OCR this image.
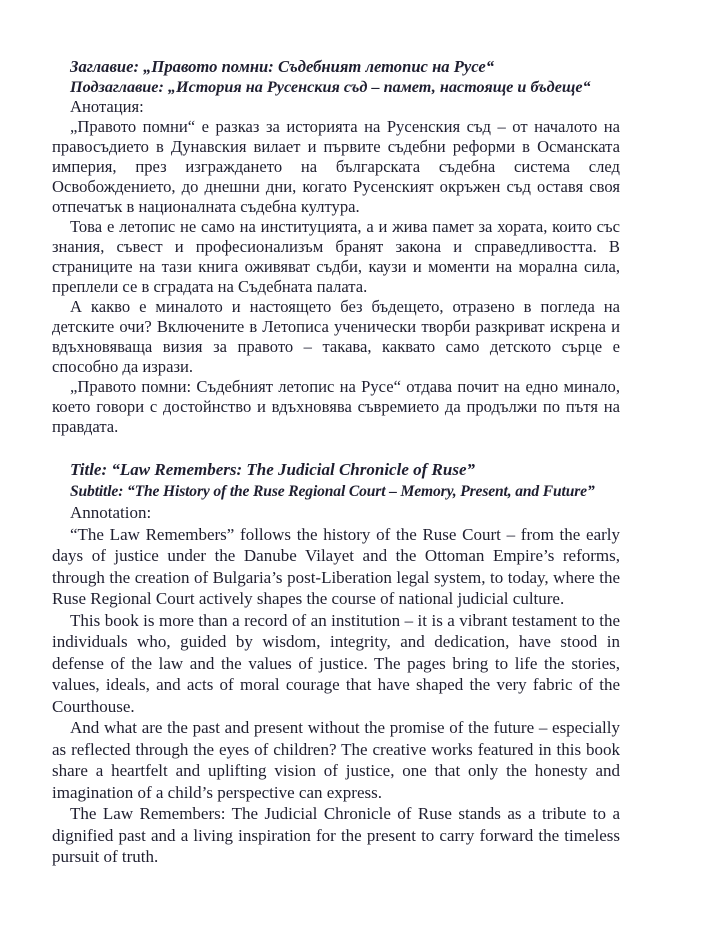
Заглавие: „Правото помни: Съдебният летопис на Русе“

Подзаглавие: „История на Русенския съд – памет, настояще и бъдеще“

Анотация:

„Правото помни“ е разказ за историята на Русенския съд – от началото на правосъдието в Дунавския вилает и първите съдебни реформи в Османската империя, през изграждането на българската съдебна система след Освобождението, до днешни дни, когато Русенският окръжен съд оставя своя отпечатък в националната съдебна култура.

Това е летопис не само на институцията, а и жива памет за хората, които със знания, съвест и професионализъм бранят закона и справедливостта. В страниците на тази книга оживяват съдби, каузи и моменти на морална сила, преплели се в сградата на Съдебната палата.

А какво е миналото и настоящето без бъдещето, отразено в погледа на детските очи? Включените в Летописа ученически творби разкриват искрена и вдъхновяваща визия за правото – такава, каквато само детското сърце е способно да изрази.

„Правото помни: Съдебният летопис на Русе“ отдава почит на едно минало, което говори с достойнство и вдъхновява съвремието да продължи по пътя на правдата.

Title: “Law Remembers: The Judicial Chronicle of Ruse”

Subtitle: “The History of the Ruse Regional Court – Memory, Present, and Future”

Annotation:

“The Law Remembers” follows the history of the Ruse Court – from the early days of justice under the Danube Vilayet and the Ottoman Empire’s reforms, through the creation of Bulgaria’s post-Liberation legal system, to today, where the Ruse Regional Court actively shapes the course of national judicial culture.

This book is more than a record of an institution – it is a vibrant testament to the individuals who, guided by wisdom, integrity, and dedication, have stood in defense of the law and the values of justice. The pages bring to life the stories, values, ideals, and acts of moral courage that have shaped the very fabric of the Courthouse.

And what are the past and present without the promise of the future – especially as reflected through the eyes of children? The creative works featured in this book share a heartfelt and uplifting vision of justice, one that only the honesty and imagination of a child’s perspective can express.

The Law Remembers: The Judicial Chronicle of Ruse stands as a tribute to a dignified past and a living inspiration for the present to carry forward the timeless pursuit of truth.
